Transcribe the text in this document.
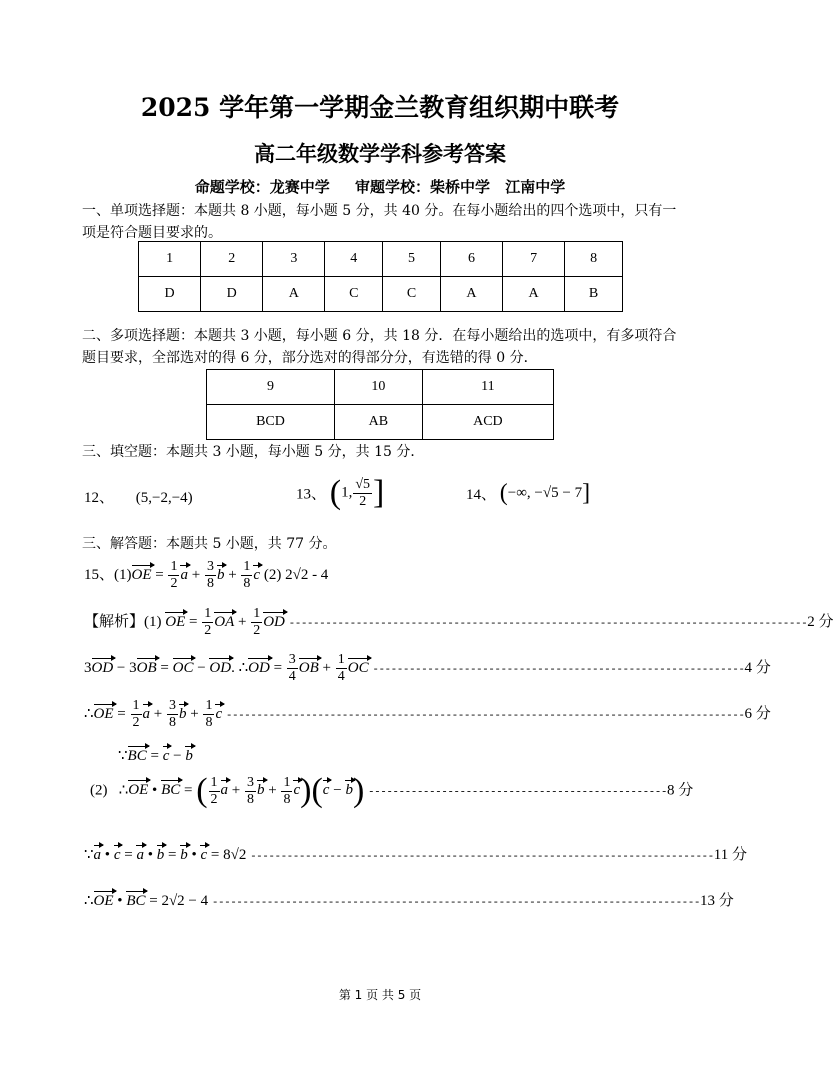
2025 学年第一学期金兰教育组织期中联考
高二年级数学学科参考答案
命题学校：龙赛中学 审题学校：柴桥中学 江南中学
一、单项选择题：本题共 8 小题，每小题 5 分，共 40 分。在每小题给出的四个选项中，只有一项是符合题目要求的。
1	2	3	4	5	6	7	8
D	D	A	C	C	A	A	B
二、多项选择题：本题共 3 小题，每小题 6 分，共 18 分．在每小题给出的选项中，有多项符合题目要求，全部选对的得 6 分，部分选对的得部分分，有选错的得 0 分．
9	10	11
BCD	AB	ACD
三、填空题：本题共 3 小题，每小题 5 分，共 15 分．
12、 (5,−2,−4)	13、 (1, $\frac{√5}{2}$ ]	14、 (−∞, −√5 − 7]
三、解答题：本题共 5 小题，共 77 分。
15、$(1)OE = \frac{1}{2}$ $a + \frac{3}{8}$ $b + \frac{1}{8}$ c (2) 2√2 - 4
【解析】(1) OE = $\frac{1}{2}$ OA + $\frac{1}{2}$ OD -------------------------------------------------------------------------------------2 分
3OD − 3OB = OC − OD. ∴OD = $\frac{3}{4}$ OB + $\frac{1}{4}$ OC -------------------------------------------------------------4 分
∴OE = $\frac{1}{2}$ $a + \frac{3}{8}$ $b + \frac{1}{8}$ c -------------------------------------------------------------------------------------6 分
∵BC = c − b
(2)   ∴OE • BC = ( $\frac{1}{2}$ $a + \frac{3}{8}$ $b + \frac{1}{8} c)(c - b)$ -------------------------------------------------8 分
∵a • c = a • b = b • c = 8√2 ----------------------------------------------------------------------------11 分
∴OE • BC = 2√2 − 4 --------------------------------------------------------------------------------13 分
第 1 页 共 5 页
